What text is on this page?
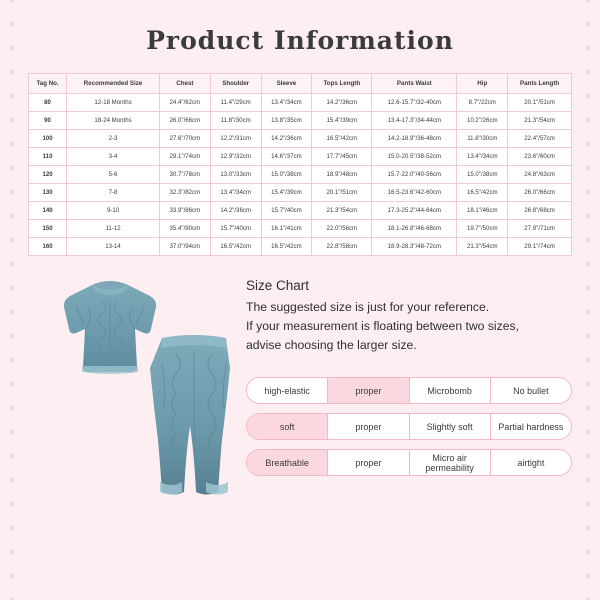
Product Information
Tag No.	Recommended Size	Chest	Shoulder	Sleeve	Tops Length	Pants Waist	Hip	Pants Length
80	12-18 Months	24.4"/62cm	11.4"/29cm	13.4"/34cm	14.2"/36cm	12.6-15.7"/32-40cm	8.7"/22cm	20.1"/51cm
90	18-24 Months	26.0"/66cm	11.8"/30cm	13.8"/35cm	15.4"/39cm	13.4-17.3"/34-44cm	10.2"/26cm	21.3"/54cm
100	2-3	27.6"/70cm	12.2"/31cm	14.2"/36cm	16.5"/42cm	14.2-18.9"/36-48cm	11.8"/30cm	22.4"/57cm
110	3-4	29.1"/74cm	12.9"/32cm	14.6"/37cm	17.7"/45cm	15.0-20.5"/38-52cm	13.4"/34cm	23.6"/60cm
120	5-6	30.7"/78cm	13.0"/33cm	15.0"/38cm	18.9"/48cm	15.7-22.0"/40-56cm	15.0"/38cm	24.8"/63cm
130	7-8	32.3"/82cm	13.4"/34cm	15.4"/39cm	20.1"/51cm	16.5-23.6"/42-60cm	16.5"/42cm	26.0"/66cm
140	9-10	33.9"/86cm	14.2"/36cm	15.7"/40cm	21.3"/54cm	17.3-25.2"/44-64cm	18.1"/46cm	26.8"/68cm
150	11-12	35.4"/90cm	15.7"/40cm	16.1"/41cm	22.0"/56cm	18.1-26.8"/46-68cm	19.7"/50cm	27.9"/71cm
160	13-14	37.0"/94cm	16.5"/42cm	16.5"/42cm	22.8"/58cm	18.9-28.3"/48-72cm	21.3"/54cm	29.1"/74cm
Size Chart
The suggested size is just for your reference.
If your measurement is floating between two sizes,
advise choosing the larger size.
high-elastic	proper	Microbomb	No bullet
soft	proper	Slightly soft	Partial hardness
Breathable	proper	Micro air permeability	airtight
